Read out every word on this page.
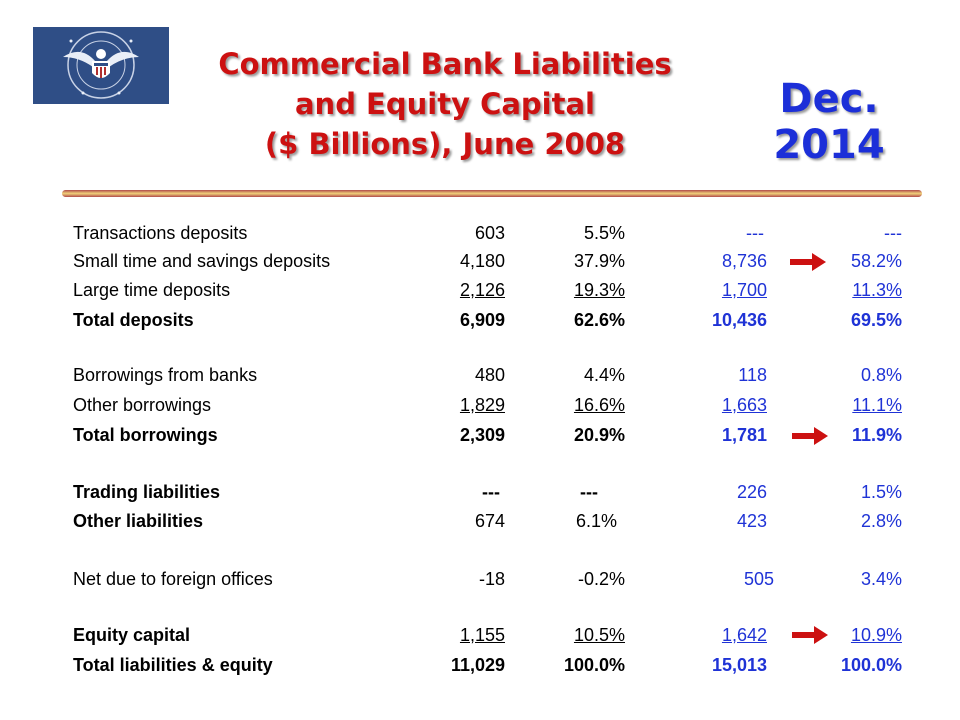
Commercial Bank Liabilities
and Equity Capital
($ Billions), June 2008
Dec.
2014
Transactions deposits	603	5.5%	---	---
Small time and savings deposits	4,180	37.9%	8,736	58.2%
Large time deposits	2,126	19.3%	1,700	11.3%
Total deposits	6,909	62.6%	10,436	69.5%
Borrowings from banks	480	4.4%	118	0.8%
Other borrowings	1,829	16.6%	1,663	11.1%
Total borrowings	2,309	20.9%	1,781	11.9%
Trading liabilities	---	---	226	1.5%
Other liabilities	674	6.1%	423	2.8%
Net due to foreign offices	-18	-0.2%	505	3.4%
Equity capital	1,155	10.5%	1,642	10.9%
Total liabilities & equity	11,029	100.0%	15,013	100.0%
